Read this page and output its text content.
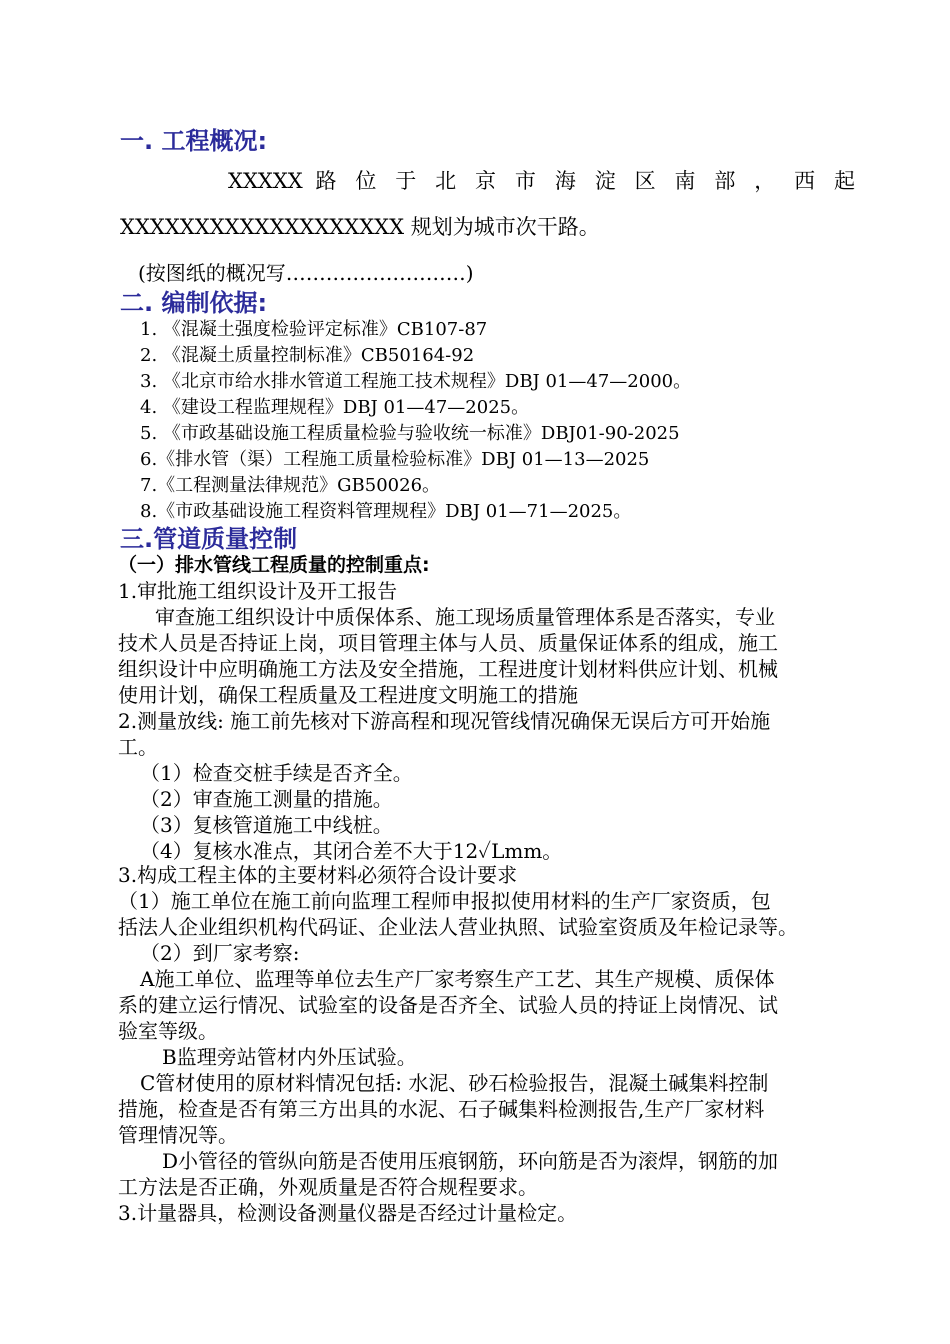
一. 工程概况:
XXXXX 路 位 于 北 京 市 海 淀 区 南 部 ， 西 起
XXXXXXXXXXXXXXXXXXX 规划为城市次干路。
(按图纸的概况写………………………)
二. 编制依据:
1. 《混凝土强度检验评定标准》CB107-87
2. 《混凝土质量控制标准》CB50164-92
3. 《北京市给水排水管道工程施工技术规程》DBJ 01—47—2000。
4. 《建设工程监理规程》DBJ 01—47—2025。
5. 《市政基础设施工程质量检验与验收统一标准》DBJ01-90-2025
6.《排水管（渠）工程施工质量检验标准》DBJ 01—13—2025
7.《工程测量法律规范》GB50026。
8.《市政基础设施工程资料管理规程》DBJ 01—71—2025。
三.管道质量控制
（一）排水管线工程质量的控制重点:
1.审批施工组织设计及开工报告
审查施工组织设计中质保体系、施工现场质量管理体系是否落实，专业
技术人员是否持证上岗，项目管理主体与人员、质量保证体系的组成，施工
组织设计中应明确施工方法及安全措施，工程进度计划材料供应计划、机械
使用计划，确保工程质量及工程进度文明施工的措施
2.测量放线: 施工前先核对下游高程和现况管线情况确保无误后方可开始施
工。
（1）检查交桩手续是否齐全。
（2）审查施工测量的措施。
（3）复核管道施工中线桩。
（4）复核水准点，其闭合差不大于12✓Lmm。
3.构成工程主体的主要材料必须符合设计要求
（1）施工单位在施工前向监理工程师申报拟使用材料的生产厂家资质，包
括法人企业组织机构代码证、企业法人营业执照、试验室资质及年检记录等。
（2）到厂家考察:
A施工单位、监理等单位去生产厂家考察生产工艺、其生产规模、质保体
系的建立运行情况、试验室的设备是否齐全、试验人员的持证上岗情况、试
验室等级。
B监理旁站管材内外压试验。
C管材使用的原材料情况包括: 水泥、砂石检验报告，混凝土碱集料控制
措施，检查是否有第三方出具的水泥、石子碱集料检测报告,生产厂家材料
管理情况等。
D小管径的管纵向筋是否使用压痕钢筋，环向筋是否为滚焊，钢筋的加
工方法是否正确，外观质量是否符合规程要求。
3.计量器具，检测设备测量仪器是否经过计量检定。
